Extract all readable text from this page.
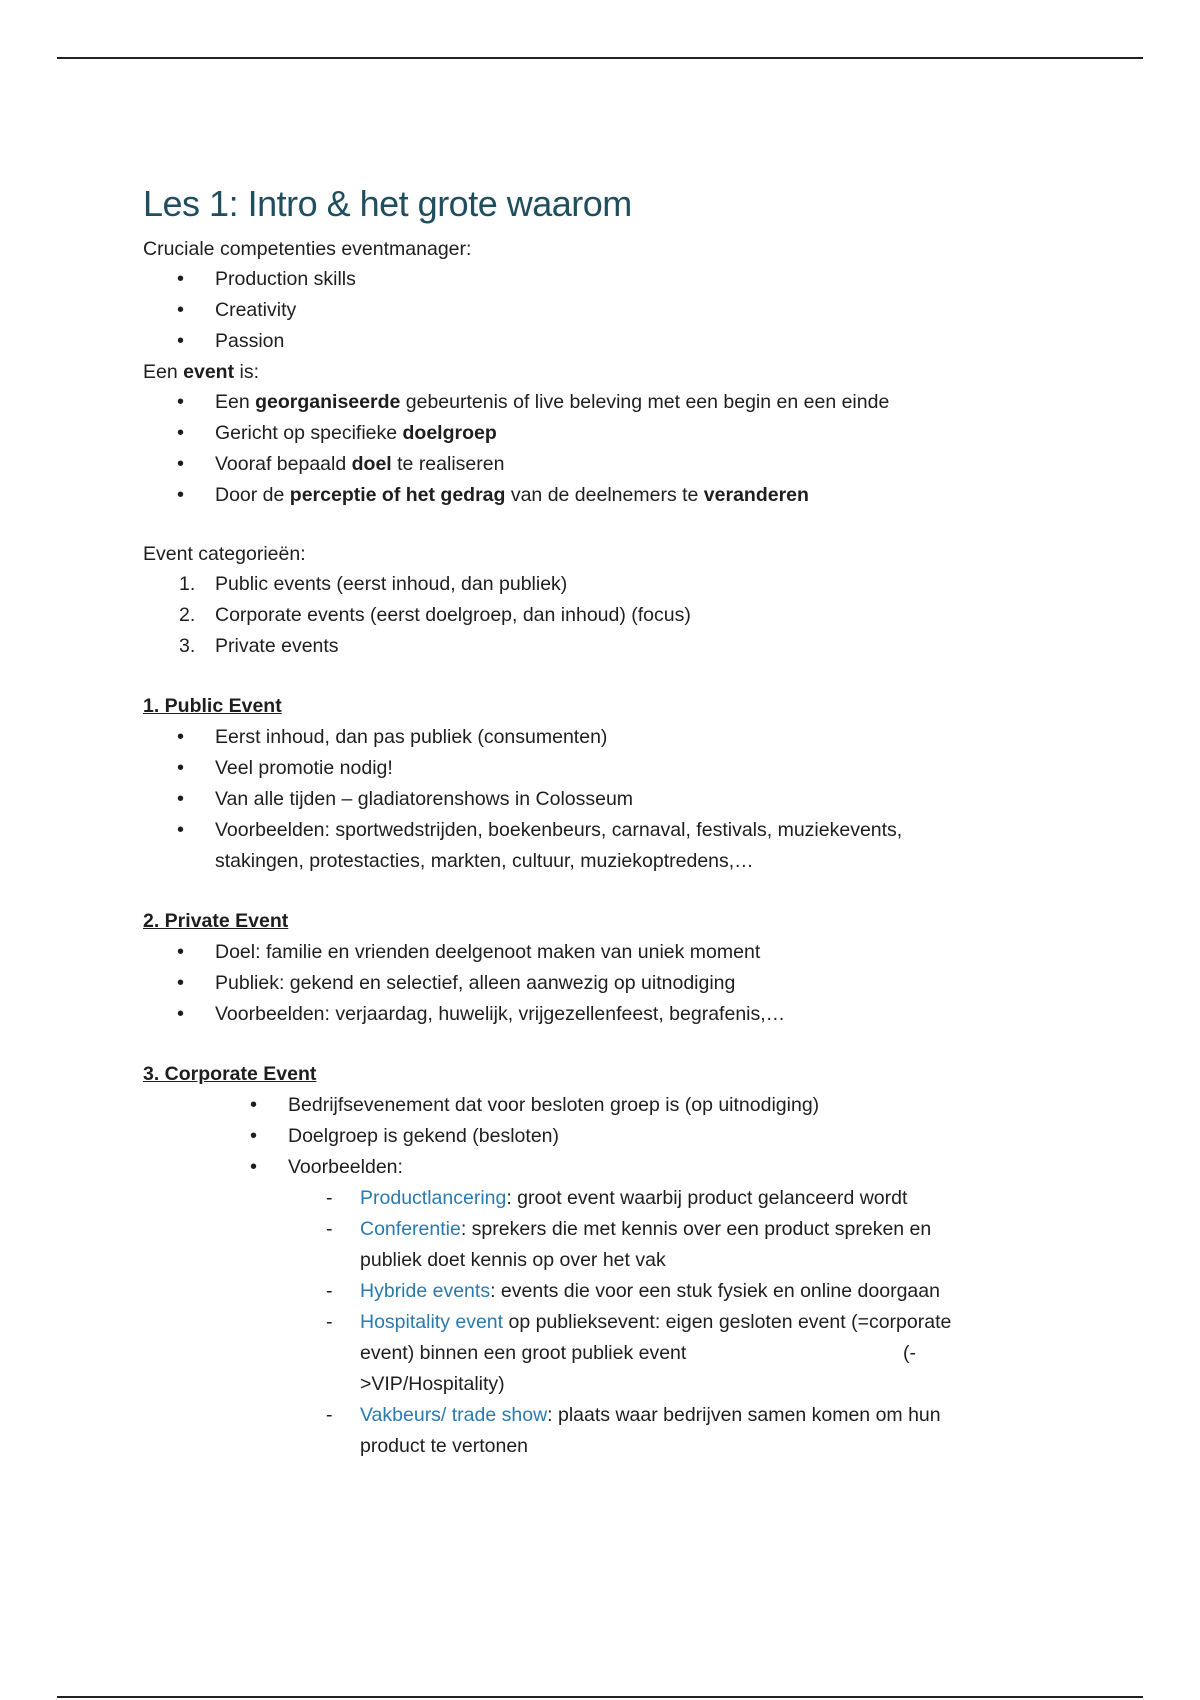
Les 1: Intro & het grote waarom

Cruciale competenties eventmanager:

• Production skills
• Creativity
• Passion

Een event is:

• Een georganiseerde gebeurtenis of live beleving met een begin en een einde
• Gericht op specifieke doelgroep
• Vooraf bepaald doel te realiseren
• Door de perceptie of het gedrag van de deelnemers te veranderen

Event categorieën:

1. Public events (eerst inhoud, dan publiek)
2. Corporate events (eerst doelgroep, dan inhoud) (focus)
3. Private events

1. Public Event

• Eerst inhoud, dan pas publiek (consumenten)
• Veel promotie nodig!
• Van alle tijden – gladiatorenshows in Colosseum
• Voorbeelden: sportwedstrijden, boekenbeurs, carnaval, festivals, muziekevents,
stakingen, protestacties, markten, cultuur, muziekoptredens,…

2. Private Event

• Doel: familie en vrienden deelgenoot maken van uniek moment
• Publiek: gekend en selectief, alleen aanwezig op uitnodiging
• Voorbeelden: verjaardag, huwelijk, vrijgezellenfeest, begrafenis,…

3. Corporate Event

• Bedrijfsevenement dat voor besloten groep is (op uitnodiging)
• Doelgroep is gekend (besloten)
• Voorbeelden:
- Productlancering: groot event waarbij product gelanceerd wordt
- Conferentie: sprekers die met kennis over een product spreken en
publiek doet kennis op over het vak
- Hybride events: events die voor een stuk fysiek en online doorgaan
- Hospitality event op publieksevent: eigen gesloten event (=corporate
event) binnen een groot publiek event	(-

>VIP/Hospitality)
- Vakbeurs/ trade show: plaats waar bedrijven samen komen om hun
product te vertonen
